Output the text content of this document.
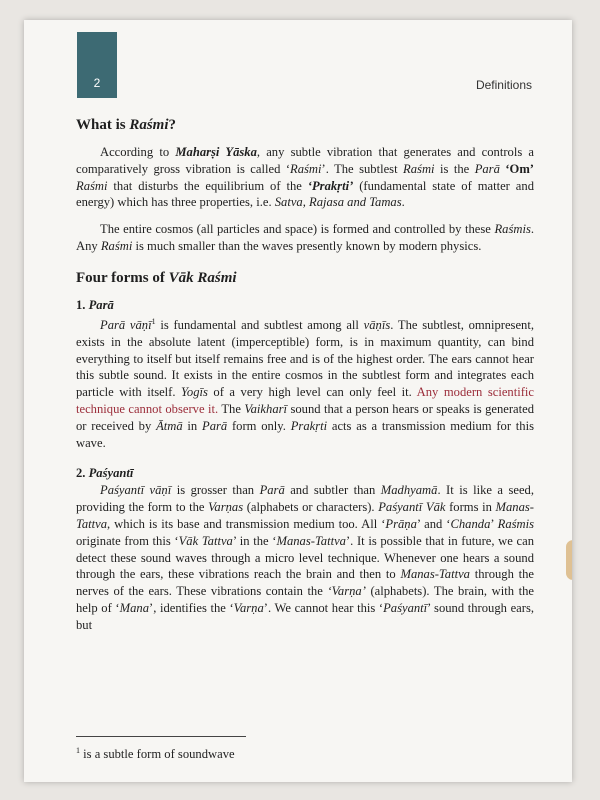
2	Definitions
What is Raśmi?

According to Maharṣi Yāska, any subtle vibration that generates and controls a comparatively gross vibration is called ‘Raśmi’. The subtlest Raśmi is the Parā ‘Om’ Raśmi that disturbs the equilibrium of the ‘Prakṛti’ (fundamental state of matter and energy) which has three properties, i.e. Satva, Rajasa and Tamas.

The entire cosmos (all particles and space) is formed and controlled by these Raśmis. Any Raśmi is much smaller than the waves presently known by modern physics.

Four forms of Vāk Raśmi
1. Parā

Parā vāṇī$^1$ is fundamental and subtlest among all vāṇīs. The subtlest, omnipresent, exists in the absolute latent (imperceptible) form, is in maximum quantity, can bind everything to itself but itself remains free and is of the highest order. The ears cannot hear this subtle sound. It exists in the entire cosmos in the subtlest form and integrates each particle with itself. Yogīs of a very high level can only feel it. Any modern scientific technique cannot observe it. The Vaikharī sound that a person hears or speaks is generated or received by Ātmā in Parā form only. Prakṛti acts as a transmission medium for this wave.

2. Paśyantī

Paśyantī vāṇī is grosser than Parā and subtler than Madhyamā. It is like a seed, providing the form to the Varṇas (alphabets or characters). Paśyantī Vāk forms in Manas-Tattva, which is its base and transmission medium too. All ‘Prāṇa’ and ‘Chanda’ Raśmis originate from this ‘Vāk Tattva’ in the ‘Manas-Tattva’. It is possible that in future, we can detect these sound waves through a micro level technique. Whenever one hears a sound through the ears, these vibrations reach the brain and then to Manas-Tattva through the nerves of the ears. These vibrations contain the ‘Varṇa’ (alphabets). The brain, with the help of ‘Mana’, identifies the ‘Varṇa’. We cannot hear this ‘Paśyantī’ sound through ears, but

$^1$ is a subtle form of soundwave
